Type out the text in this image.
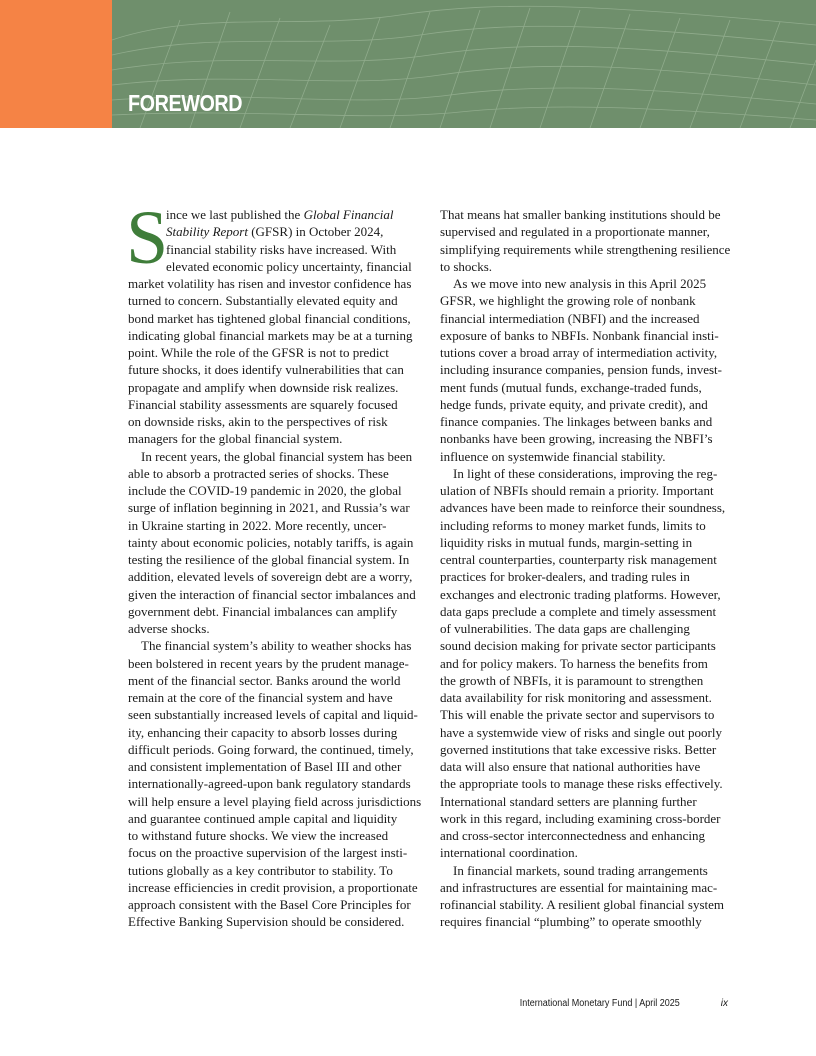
FOREWORD
S
ince we last published the Global Financial
Stability Report (GFSR) in October 2024,
financial stability risks have increased. With
elevated economic policy uncertainty, financial
market volatility has risen and investor confidence has
turned to concern. Substantially elevated equity and
bond market has tightened global financial conditions,
indicating global financial markets may be at a turning
point. While the role of the GFSR is not to predict
future shocks, it does identify vulnerabilities that can
propagate and amplify when downside risk realizes.
Financial stability assessments are squarely focused
on downside risks, akin to the perspectives of risk
managers for the global financial system.
In recent years, the global financial system has been
able to absorb a protracted series of shocks. These
include the COVID-19 pandemic in 2020, the global
surge of inflation beginning in 2021, and Russia’s war
in Ukraine starting in 2022. More recently, uncer-
tainty about economic policies, notably tariffs, is again
testing the resilience of the global financial system. In
addition, elevated levels of sovereign debt are a worry,
given the interaction of financial sector imbalances and
government debt. Financial imbalances can amplify
adverse shocks.
The financial system’s ability to weather shocks has
been bolstered in recent years by the prudent manage-
ment of the financial sector. Banks around the world
remain at the core of the financial system and have
seen substantially increased levels of capital and liquid-
ity, enhancing their capacity to absorb losses during
difficult periods. Going forward, the continued, timely,
and consistent implementation of Basel III and other
internationally-agreed-upon bank regulatory standards
will help ensure a level playing field across jurisdictions
and guarantee continued ample capital and liquidity
to withstand future shocks. We view the increased
focus on the proactive supervision of the largest insti-
tutions globally as a key contributor to stability. To
increase efficiencies in credit provision, a proportionate
approach consistent with the Basel Core Principles for
Effective Banking Supervision should be considered.
That means hat smaller banking institutions should be
supervised and regulated in a proportionate manner,
simplifying requirements while strengthening resilience
to shocks.
As we move into new analysis in this April 2025
GFSR, we highlight the growing role of nonbank
financial intermediation (NBFI) and the increased
exposure of banks to NBFIs. Nonbank financial insti-
tutions cover a broad array of intermediation activity,
including insurance companies, pension funds, invest-
ment funds (mutual funds, exchange-traded funds,
hedge funds, private equity, and private credit), and
finance companies. The linkages between banks and
nonbanks have been growing, increasing the NBFI’s
influence on systemwide financial stability.
In light of these considerations, improving the reg-
ulation of NBFIs should remain a priority. Important
advances have been made to reinforce their soundness,
including reforms to money market funds, limits to
liquidity risks in mutual funds, margin-setting in
central counterparties, counterparty risk management
practices for broker-dealers, and trading rules in
exchanges and electronic trading platforms. However,
data gaps preclude a complete and timely assessment
of vulnerabilities. The data gaps are challenging
sound decision making for private sector participants
and for policy makers. To harness the benefits from
the growth of NBFIs, it is paramount to strengthen
data availability for risk monitoring and assessment.
This will enable the private sector and supervisors to
have a systemwide view of risks and single out poorly
governed institutions that take excessive risks. Better
data will also ensure that national authorities have
the appropriate tools to manage these risks effectively.
International standard setters are planning further
work in this regard, including examining cross-border
and cross-sector interconnectedness and enhancing
international coordination.
In financial markets, sound trading arrangements
and infrastructures are essential for maintaining mac-
rofinancial stability. A resilient global financial system
requires financial “plumbing” to operate smoothly
International Monetary Fund | April 2025	ix
